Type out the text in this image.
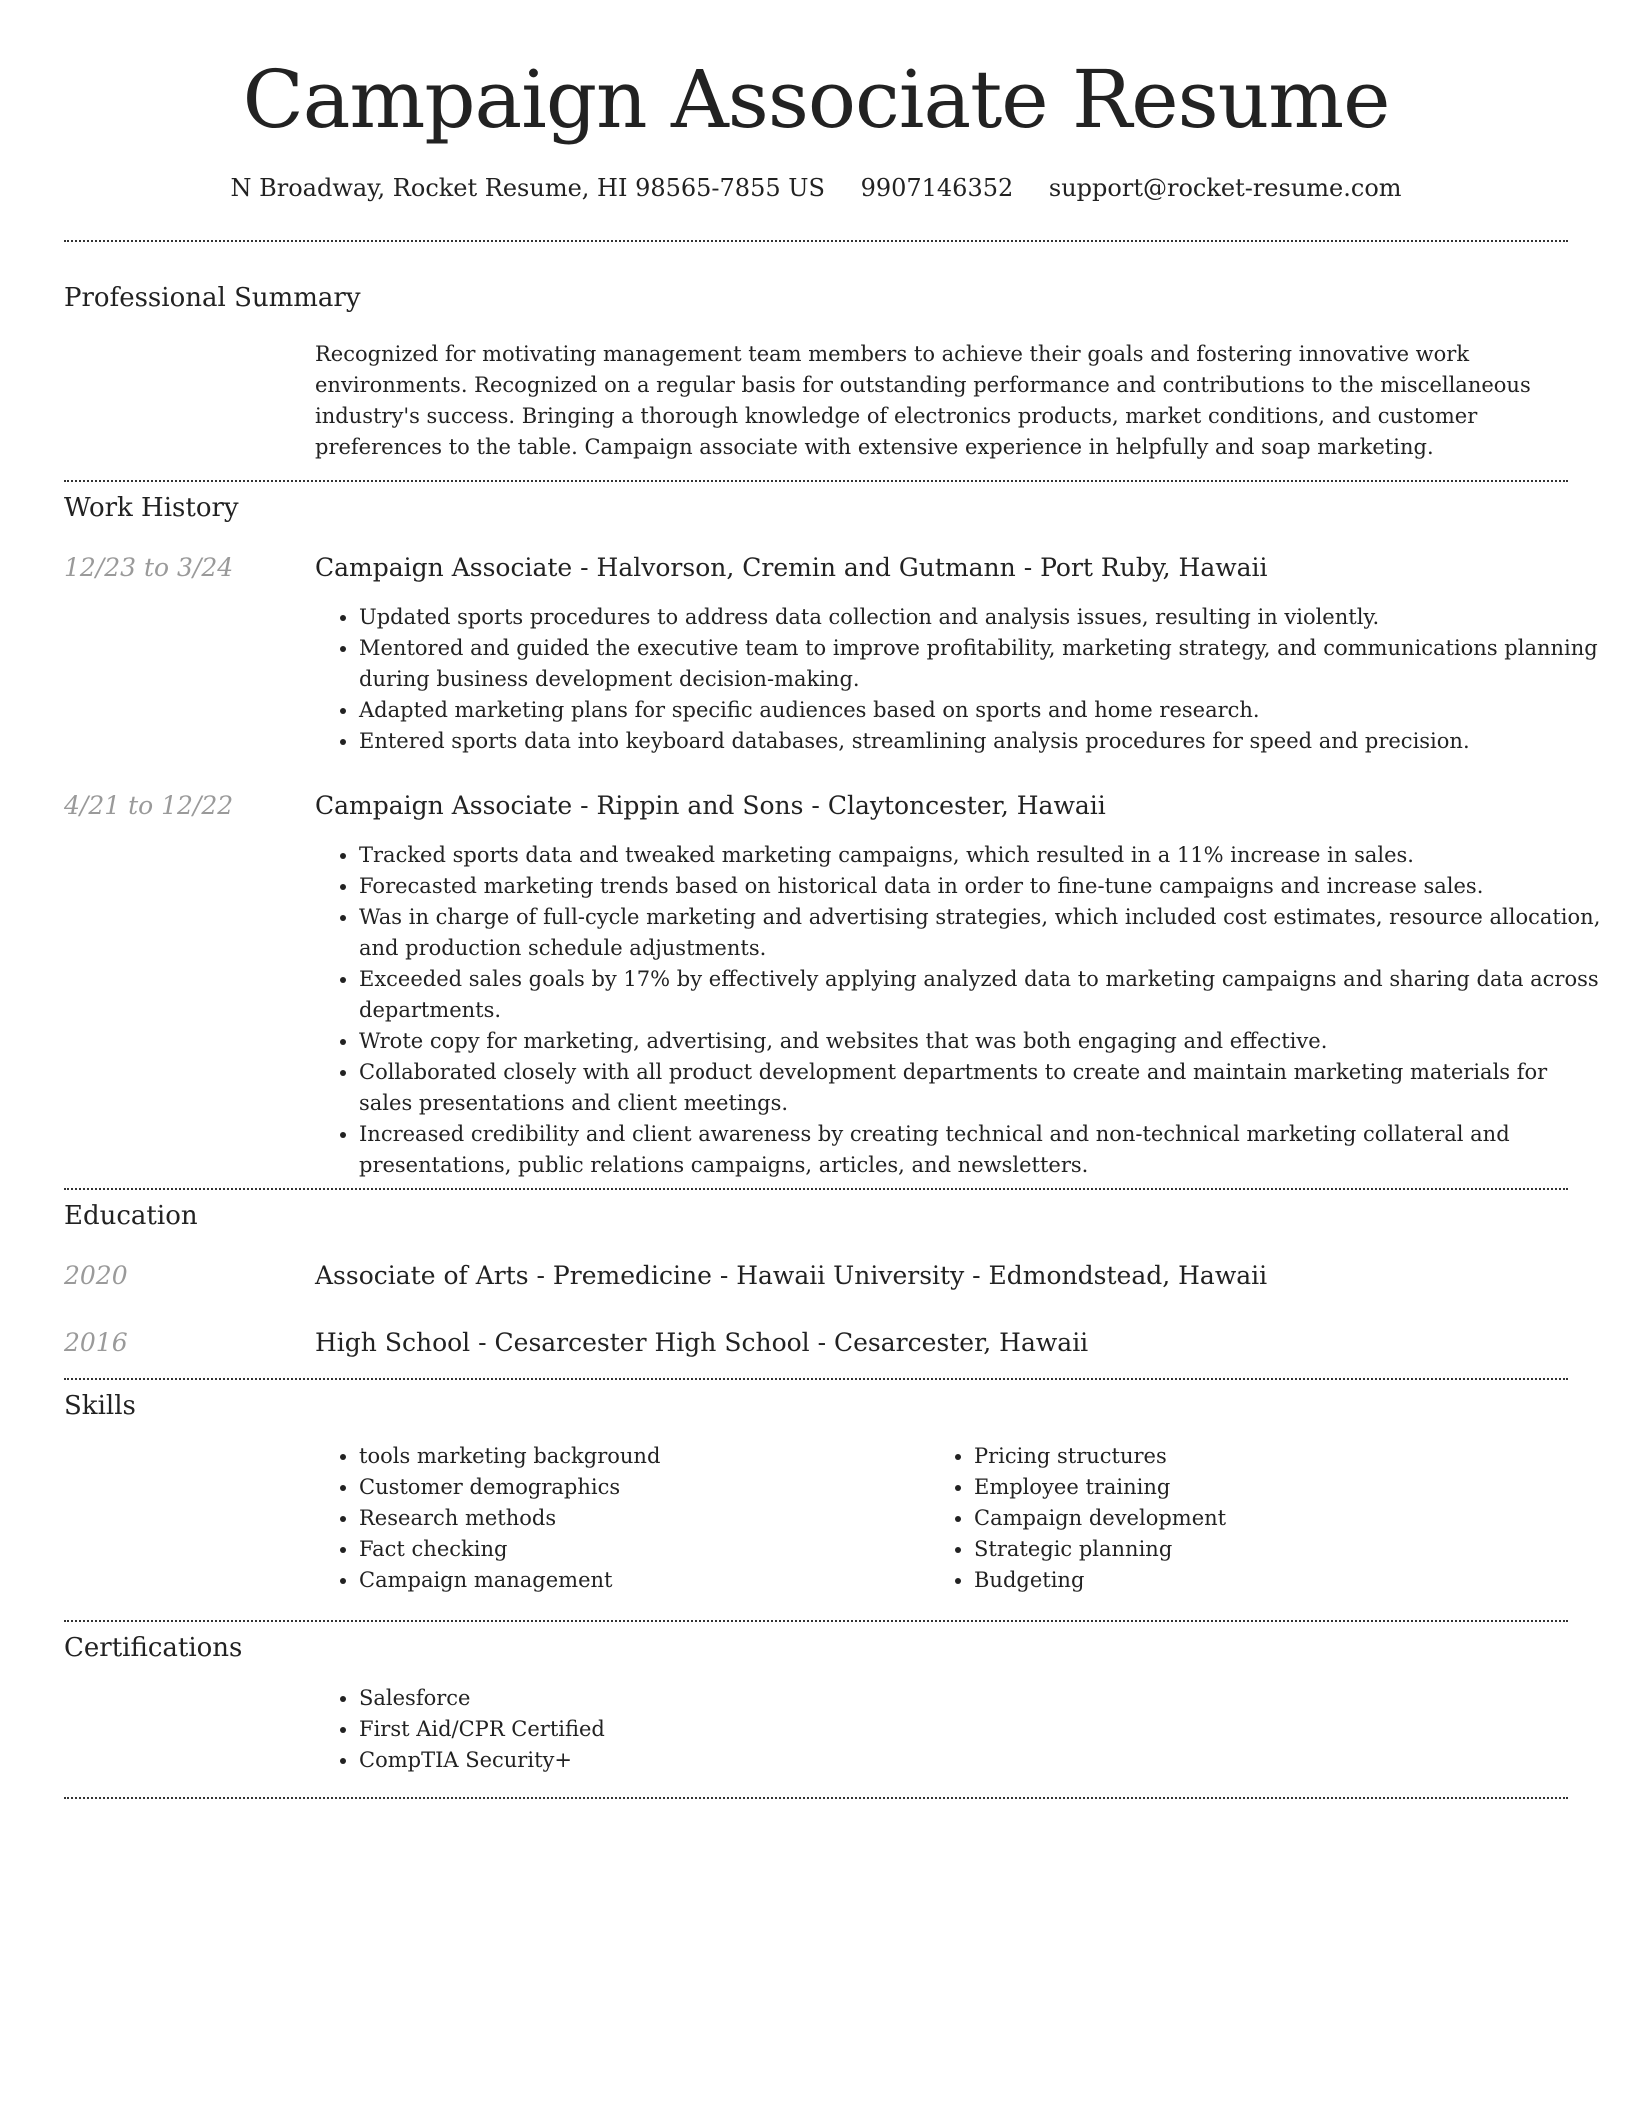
Campaign Associate Resume
N Broadway, Rocket Resume, HI 98565-7855 US 9907146352 support@rocket-resume.com
Professional Summary

Recognized for motivating management team members to achieve their goals and fostering innovative work environments. Recognized on a regular basis for outstanding performance and contributions to the miscellaneous industry's success. Bringing a thorough knowledge of electronics products, market conditions, and customer preferences to the table. Campaign associate with extensive experience in helpfully and soap marketing.

Work History
12/23 to 3/24	Campaign Associate - Halvorson, Cremin and Gutmann - Port Ruby, Hawaii
• Updated sports procedures to address data collection and analysis issues, resulting in violently.
• Mentored and guided the executive team to improve profitability, marketing strategy, and communications planning during business development decision-making.
• Adapted marketing plans for specific audiences based on sports and home research.
• Entered sports data into keyboard databases, streamlining analysis procedures for speed and precision.
4/21 to 12/22	Campaign Associate - Rippin and Sons - Claytoncester, Hawaii
• Tracked sports data and tweaked marketing campaigns, which resulted in a 11% increase in sales.
• Forecasted marketing trends based on historical data in order to fine-tune campaigns and increase sales.
• Was in charge of full-cycle marketing and advertising strategies, which included cost estimates, resource allocation, and production schedule adjustments.
• Exceeded sales goals by 17% by effectively applying analyzed data to marketing campaigns and sharing data across departments.
• Wrote copy for marketing, advertising, and websites that was both engaging and effective.
• Collaborated closely with all product development departments to create and maintain marketing materials for sales presentations and client meetings.
• Increased credibility and client awareness by creating technical and non-technical marketing collateral and presentations, public relations campaigns, articles, and newsletters.
Education
2020	Associate of Arts - Premedicine - Hawaii University - Edmondstead, Hawaii
2016	High School - Cesarcester High School - Cesarcester, Hawaii
Skills
• tools marketing background
• Customer demographics
• Research methods
• Fact checking
• Campaign management
• Pricing structures
• Employee training
• Campaign development
• Strategic planning
• Budgeting
Certifications
• Salesforce
• First Aid/CPR Certified
• CompTIA Security+
